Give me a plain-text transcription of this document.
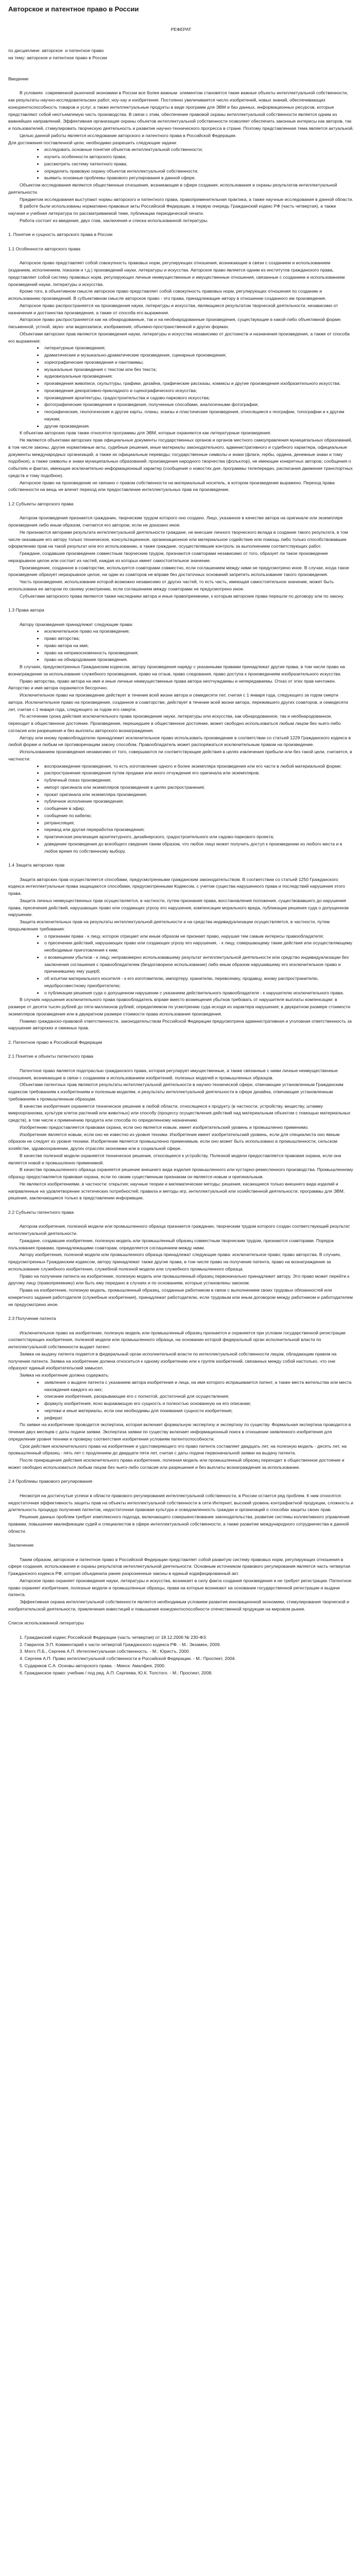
Авторское и патентное право в России

РЕФЕРАТ

по дисциплине: авторское  и патентное право

на тему: авторское и патентное право в России

Введение

В условиях  современной рыночной экономики в России все более важным  элементом становятся такие важные объекты интеллектуальной собственности, как результаты научно-исследовательских работ, ноу-хау и изобретения. Постоянно увеличивается число изобретений, новых знаний, обеспечивающих конкурентоспособность товаров и услуг, а также интеллектуальные продукты в виде программ для ЭВМ и баз данных, информационных ресурсов, которые представляют собой неотъемлемую часть производства. В связи с этим, обеспечение правовой охраны интеллектуальной собственности является одним из важнейших направлений. Эффективная организация охраны объектов интеллектуальной собственности позволяет обеспечить законные интересы как авторов, так и пользователей, стимулировать творческую деятельность и развитие научно-технического прогресса в стране. Поэтому представленная тема является актуальной.

Целью данной работы является исследование авторского и патентного права в Российской Федерации.

Для достижения поставленной цели, необходимо разрешить следующие задачи:

• исследовать основные понятия объектов интеллектуальной собственности;
• изучить особенности авторского права;
• рассмотреть систему патентного права;
• определить правовую охрану объектов интеллектуальной собственности;
• выявить основные проблемы правового регулирования в данной сфере.

Объектом исследования являются общественные отношения, возникающие в сфере создания, использования и охраны результатов интеллектуальной деятельности.

Предметом исследования выступают нормы авторского и патентного права, правоприменительная практика, а также научные исследования в данной области.

В работе были использованы нормативно-правовые акты Российской Федерации, в первую очередь Гражданский кодекс РФ (часть четвертая), а также научная и учебная литература по рассматриваемой теме, публикации периодической печати.

Работа состоит из введения, двух глав, заключения и списка использованной литературы.

1. Понятие и сущность авторского права в России

1.1 Особенности авторского права

Авторское право представляет собой совокупность правовых норм, регулирующих отношения, возникающие в связи с созданием и использованием (изданием, исполнением, показом и т.д.) произведений науки, литературы и искусства. Авторское право является одним из институтов гражданского права, представляет собой систему правовых норм, регулирующих личные неимущественные и имущественные отношения, связанные с созданием и использованием произведений науки, литературы и искусства.

Кроме того, в объективном смысле авторское право представляет собой совокупность правовых норм, регулирующих отношения по созданию и использованию произведений. В субъективном смысле авторское право - это права, принадлежащие автору в отношении созданного им произведения.

Авторское право распространяется на произведения науки, литературы и искусства, являющиеся результатом творческой деятельности, независимо от назначения и достоинства произведения, а также от способа его выражения.

Авторское право распространяется как на обнародованные, так и на необнародованные произведения, существующие в какой-либо объективной форме: письменной, устной, звуко- или видеозаписи, изображения, объемно-пространственной и других формах.

Объектами авторских прав являются произведения науки, литературы и искусства независимо от достоинств и назначения произведения, а также от способа его выражения:

• литературные произведения;
• драматические и музыкально-драматические произведения, сценарные произведения;
• хореографические произведения и пантомимы;
• музыкальные произведения с текстом или без текста;
• аудиовизуальные произведения;
• произведения живописи, скульптуры, графики, дизайна, графические рассказы, комиксы и другие произведения изобразительного искусства;
• произведения декоративно-прикладного и сценографического искусства;
• произведения архитектуры, градостроительства и садово-паркового искусства;
• фотографические произведения и произведения, полученные способами, аналогичными фотографии;
• географические, геологические и другие карты, планы, эскизы и пластические произведения, относящиеся к географии, топографии и к другим наукам;
• другие произведения.

К объектам авторских прав также относятся программы для ЭВМ, которые охраняются как литературные произведения.

Не являются объектами авторских прав официальные документы государственных органов и органов местного самоуправления муниципальных образований, в том числе законы, другие нормативные акты, судебные решения, иные материалы законодательного, административного и судебного характера, официальные документы международных организаций, а также их официальные переводы; государственные символы и знаки (флаги, гербы, ордена, денежные знаки и тому подобное), а также символы и знаки муниципальных образований; произведения народного творчества (фольклор), не имеющие конкретных авторов; сообщения о событиях и фактах, имеющие исключительно информационный характер (сообщения о новостях дня, программы телепередач, расписания движения транспортных средств и тому подобное).

Авторское право на произведение не связано с правом собственности на материальный носитель, в котором произведение выражено. Переход права собственности на вещь не влечет переход или предоставление интеллектуальных прав на произведение.

1.2 Субъекты авторского права

Автором произведения признается гражданин, творческим трудом которого оно создано. Лицо, указанное в качестве автора на оригинале или экземпляре произведения либо иным образом, считается его автором, если не доказано иное.

Не признаются авторами результата интеллектуальной деятельности граждане, не внесшие личного творческого вклада в создание такого результата, в том числе оказавшие его автору только техническое, консультационное, организационное или материальное содействие или помощь либо только способствовавшие оформлению прав на такой результат или его использованию, а также граждане, осуществлявшие контроль за выполнением соответствующих работ.

Граждане, создавшие произведение совместным творческим трудом, признаются соавторами независимо от того, образует ли такое произведение неразрывное целое или состоит из частей, каждая из которых имеет самостоятельное значение.

Произведение, созданное в соавторстве, используется соавторами совместно, если соглашением между ними не предусмотрено иное. В случае, когда такое произведение образует неразрывное целое, ни один из соавторов не вправе без достаточных оснований запретить использование такого произведения.

Часть произведения, использование которой возможно независимо от других частей, то есть часть, имеющая самостоятельное значение, может быть использована ее автором по своему усмотрению, если соглашением между соавторами не предусмотрено иное.

Субъектами авторского права являются также наследники автора и иные правопреемники, к которым авторские права перешли по договору или по закону.

1.3 Права автора

Автору произведения принадлежат следующие права:

• исключительное право на произведение;
• право авторства;
• право автора на имя;
• право на неприкосновенность произведения;
• право на обнародование произведения.

В случаях, предусмотренных Гражданским кодексом, автору произведения наряду с указанными правами принадлежат другие права, в том числе право на вознаграждение за использование служебного произведения, право на отзыв, право следования, право доступа к произведениям изобразительного искусства.

Право авторства, право автора на имя и иные личные неимущественные права автора неотчуждаемы и непередаваемы. Отказ от этих прав ничтожен. Авторство и имя автора охраняются бессрочно.

Исключительное право на произведение действует в течение всей жизни автора и семидесяти лет, считая с 1 января года, следующего за годом смерти автора. Исключительное право на произведение, созданное в соавторстве, действует в течение всей жизни автора, пережившего других соавторов, и семидесяти лет, считая с 1 января года, следующего за годом его смерти.

По истечении срока действия исключительного права произведение науки, литературы или искусства, как обнародованное, так и необнародованное, переходит в общественное достояние. Произведение, перешедшее в общественное достояние, может свободно использоваться любым лицом без чьего-либо согласия или разрешения и без выплаты авторского вознаграждения.

Автору или иному правообладателю принадлежит исключительное право использовать произведение в соответствии со статьей 1229 Гражданского кодекса в любой форме и любым не противоречащим закону способом. Правообладатель может распоряжаться исключительным правом на произведение.

Использованием произведения независимо от того, совершаются ли соответствующие действия в целях извлечения прибыли или без такой цели, считается, в частности:

• воспроизведение произведения, то есть изготовление одного и более экземпляра произведения или его части в любой материальной форме;
• распространение произведения путем продажи или иного отчуждения его оригинала или экземпляров;
• публичный показ произведения;
• импорт оригинала или экземпляров произведения в целях распространения;
• прокат оригинала или экземпляра произведения;
• публичное исполнение произведения;
• сообщение в эфир;
• сообщение по кабелю;
• ретрансляция;
• перевод или другая переработка произведения;
• практическая реализация архитектурного, дизайнерского, градостроительного или садово-паркового проекта;
• доведение произведения до всеобщего сведения таким образом, что любое лицо может получить доступ к произведению из любого места и в любое время по собственному выбору.

1.4 Защита авторских прав

Защита авторских прав осуществляется способами, предусмотренными гражданским законодательством. В соответствии со статьей 1250 Гражданского кодекса интеллектуальные права защищаются способами, предусмотренными Кодексом, с учетом существа нарушенного права и последствий нарушения этого права.

Защита личных неимущественных прав осуществляется, в частности, путем признания права, восстановления положения, существовавшего до нарушения права, пресечения действий, нарушающих право или создающих угрозу его нарушения, компенсации морального вреда, публикации решения суда о допущенном нарушении.

Защита исключительных прав на результаты интеллектуальной деятельности и на средства индивидуализации осуществляется, в частности, путем предъявления требования:

• о признании права - к лицу, которое отрицает или иным образом не признает право, нарушая тем самым интересы правообладателя;
• о пресечении действий, нарушающих право или создающих угрозу его нарушения, - к лицу, совершающему такие действия или осуществляющему необходимые приготовления к ним;
• о возмещении убытков - к лицу, неправомерно использовавшему результат интеллектуальной деятельности или средство индивидуализации без заключения соглашения с правообладателем (бездоговорное использование) либо иным образом нарушившему его исключительное право и причинившему ему ущерб;
• об изъятии материального носителя - к его изготовителю, импортеру, хранителю, перевозчику, продавцу, иному распространителю, недобросовестному приобретателю;
• о публикации решения суда о допущенном нарушении с указанием действительного правообладателя - к нарушителю исключительного права.

В случаях нарушения исключительного права правообладатель вправе вместо возмещения убытков требовать от нарушителя выплаты компенсации: в размере от десяти тысяч рублей до пяти миллионов рублей, определяемом по усмотрению суда исходя из характера нарушения; в двукратном размере стоимости экземпляров произведения или в двукратном размере стоимости права использования произведения.

Помимо гражданско-правовой ответственности, законодательством Российской Федерации предусмотрена административная и уголовная ответственность за нарушение авторских и смежных прав.

2. Патентное право в Российской Федерации

2.1 Понятие и объекты патентного права

Патентное право является подотраслью гражданского права, которая регулирует имущественные, а также связанные с ними личные неимущественные отношения, возникающие в связи с созданием и использованием изобретений, полезных моделей и промышленных образцов.

Объектами патентных прав являются результаты интеллектуальной деятельности в научно-технической сфере, отвечающие установленным Гражданским кодексом требованиям к изобретениям и полезным моделям, и результаты интеллектуальной деятельности в сфере дизайна, отвечающие установленным требованиям к промышленным образцам.

В качестве изобретения охраняется техническое решение в любой области, относящееся к продукту (в частности, устройству, веществу, штамму микроорганизма, культуре клеток растений или животных) или способу (процессу осуществления действий над материальным объектом с помощью материальных средств), в том числе к применению продукта или способа по определенному назначению.

Изобретению предоставляется правовая охрана, если оно является новым, имеет изобретательский уровень и промышленно применимо.

Изобретение является новым, если оно не известно из уровня техники. Изобретение имеет изобретательский уровень, если для специалиста оно явным образом не следует из уровня техники. Изобретение является промышленно применимым, если оно может быть использовано в промышленности, сельском хозяйстве, здравоохранении, других отраслях экономики или в социальной сфере.

В качестве полезной модели охраняется техническое решение, относящееся к устройству. Полезной модели предоставляется правовая охрана, если она является новой и промышленно применимой.

В качестве промышленного образца охраняется решение внешнего вида изделия промышленного или кустарно-ремесленного производства. Промышленному образцу предоставляется правовая охрана, если по своим существенным признакам он является новым и оригинальным.

Не являются изобретениями, в частности: открытия; научные теории и математические методы; решения, касающиеся только внешнего вида изделий и направленные на удовлетворение эстетических потребностей; правила и методы игр, интеллектуальной или хозяйственной деятельности; программы для ЭВМ; решения, заключающиеся только в представлении информации.

2.2 Субъекты патентного права

Автором изобретения, полезной модели или промышленного образца признается гражданин, творческим трудом которого создан соответствующий результат интеллектуальной деятельности.

Граждане, создавшие изобретение, полезную модель или промышленный образец совместным творческим трудом, признаются соавторами. Порядок пользования правами, принадлежащими соавторам, определяется соглашением между ними.

Автору изобретения, полезной модели или промышленного образца принадлежат следующие права: исключительное право; право авторства. В случаях, предусмотренных Гражданским кодексом, автору принадлежат также другие права, в том числе право на получение патента, право на вознаграждение за использование служебного изобретения, служебной полезной модели или служебного промышленного образца.

Право на получение патента на изобретение, полезную модель или промышленный образец первоначально принадлежит автору. Это право может перейти к другому лицу (правопреемнику) или быть ему передано в случаях и по основаниям, которые установлены законом.

Права на изобретение, полезную модель, промышленный образец, созданные работником в связи с выполнением своих трудовых обязанностей или конкретного задания работодателя (служебные изобретения), принадлежат работодателю, если трудовым или иным договором между работником и работодателем не предусмотрено иное.

2.3 Получение патента

Исключительное право на изобретение, полезную модель или промышленный образец признается и охраняется при условии государственной регистрации соответствующих изобретения, полезной модели или промышленного образца, на основании которой федеральный орган исполнительной власти по интеллектуальной собственности выдает патент.

Заявка на выдачу патента подается в федеральный орган исполнительной власти по интеллектуальной собственности лицом, обладающим правом на получение патента. Заявка на изобретение должна относиться к одному изобретению или к группе изобретений, связанных между собой настолько, что они образуют единый изобретательский замысел.

Заявка на изобретение должна содержать:

• заявление о выдаче патента с указанием автора изобретения и лица, на имя которого испрашивается патент, а также места жительства или места нахождения каждого из них;
• описание изобретения, раскрывающее его с полнотой, достаточной для осуществления;
• формулу изобретения, ясно выражающую его сущность и полностью основанную на его описании;
• чертежи и иные материалы, если они необходимы для понимания сущности изобретения;
• реферат.

По заявке на изобретение проводится экспертиза, которая включает формальную экспертизу и экспертизу по существу. Формальная экспертиза проводится в течение двух месяцев с даты подачи заявки. Экспертиза заявки по существу включает информационный поиск в отношении заявленного изобретения для определения уровня техники и проверку соответствия изобретения условиям патентоспособности.

Срок действия исключительного права на изобретение и удостоверяющего это право патента составляет двадцать лет, на полезную модель - десять лет, на промышленный образец - пять лет с продлением до двадцати пяти лет, считая с даты подачи первоначальной заявки на выдачу патента.

После прекращения действия исключительного права изобретение, полезная модель или промышленный образец переходит в общественное достояние и может свободно использоваться любым лицом без чьего-либо согласия или разрешения и без выплаты вознаграждения за использование.

2.4 Проблемы правового регулирования

Несмотря на достигнутые успехи в области правового регулирования интеллектуальной собственности, в России остается ряд проблем. К ним относятся: недостаточная эффективность защиты прав на объекты интеллектуальной собственности в сети Интернет, высокий уровень контрафактной продукции, сложность и длительность процедур получения патентов, недостаточная правовая культура и осведомленность граждан и организаций о способах защиты своих прав.

Решение данных проблем требует комплексного подхода, включающего совершенствование законодательства, развитие системы коллективного управления правами, повышение квалификации судей и специалистов в сфере интеллектуальной собственности, а также развитие международного сотрудничества в данной области.

Заключение

Таким образом, авторское и патентное право в Российской Федерации представляет собой развитую систему правовых норм, регулирующих отношения в сфере создания, использования и охраны результатов интеллектуальной деятельности. Основным источником правового регулирования является часть четвертая Гражданского кодекса РФ, которая объединила ранее разрозненные законы в единый кодифицированный акт.

Авторское право охраняет произведения науки, литературы и искусства, возникает в силу факта создания произведения и не требует регистрации. Патентное право охраняет изобретения, полезные модели и промышленные образцы, права на которые возникают на основании государственной регистрации и выдачи патента.

Эффективная охрана интеллектуальной собственности является необходимым условием развития инновационной экономики, стимулирования творческой и изобретательской деятельности, привлечения инвестиций и повышения конкурентоспособности отечественной продукции на мировом рынке.

Список использованной литературы

1. Гражданский кодекс Российской Федерации (часть четвертая) от 18.12.2006 № 230-ФЗ.

2. Гаврилов Э.П. Комментарий к части четвертой Гражданского кодекса РФ. - М.: Экзамен, 2009.

3. Мэггс П.Б., Сергеев А.П. Интеллектуальная собственность. - М.: Юристъ, 2000.

4. Сергеев А.П. Право интеллектуальной собственности в Российской Федерации. - М.: Проспект, 2004.

5. Судариков С.А. Основы авторского права. - Минск: Амалфея, 2000.

6. Гражданское право: учебник / под ред. А.П. Сергеева, Ю.К. Толстого. - М.: Проспект, 2008.
